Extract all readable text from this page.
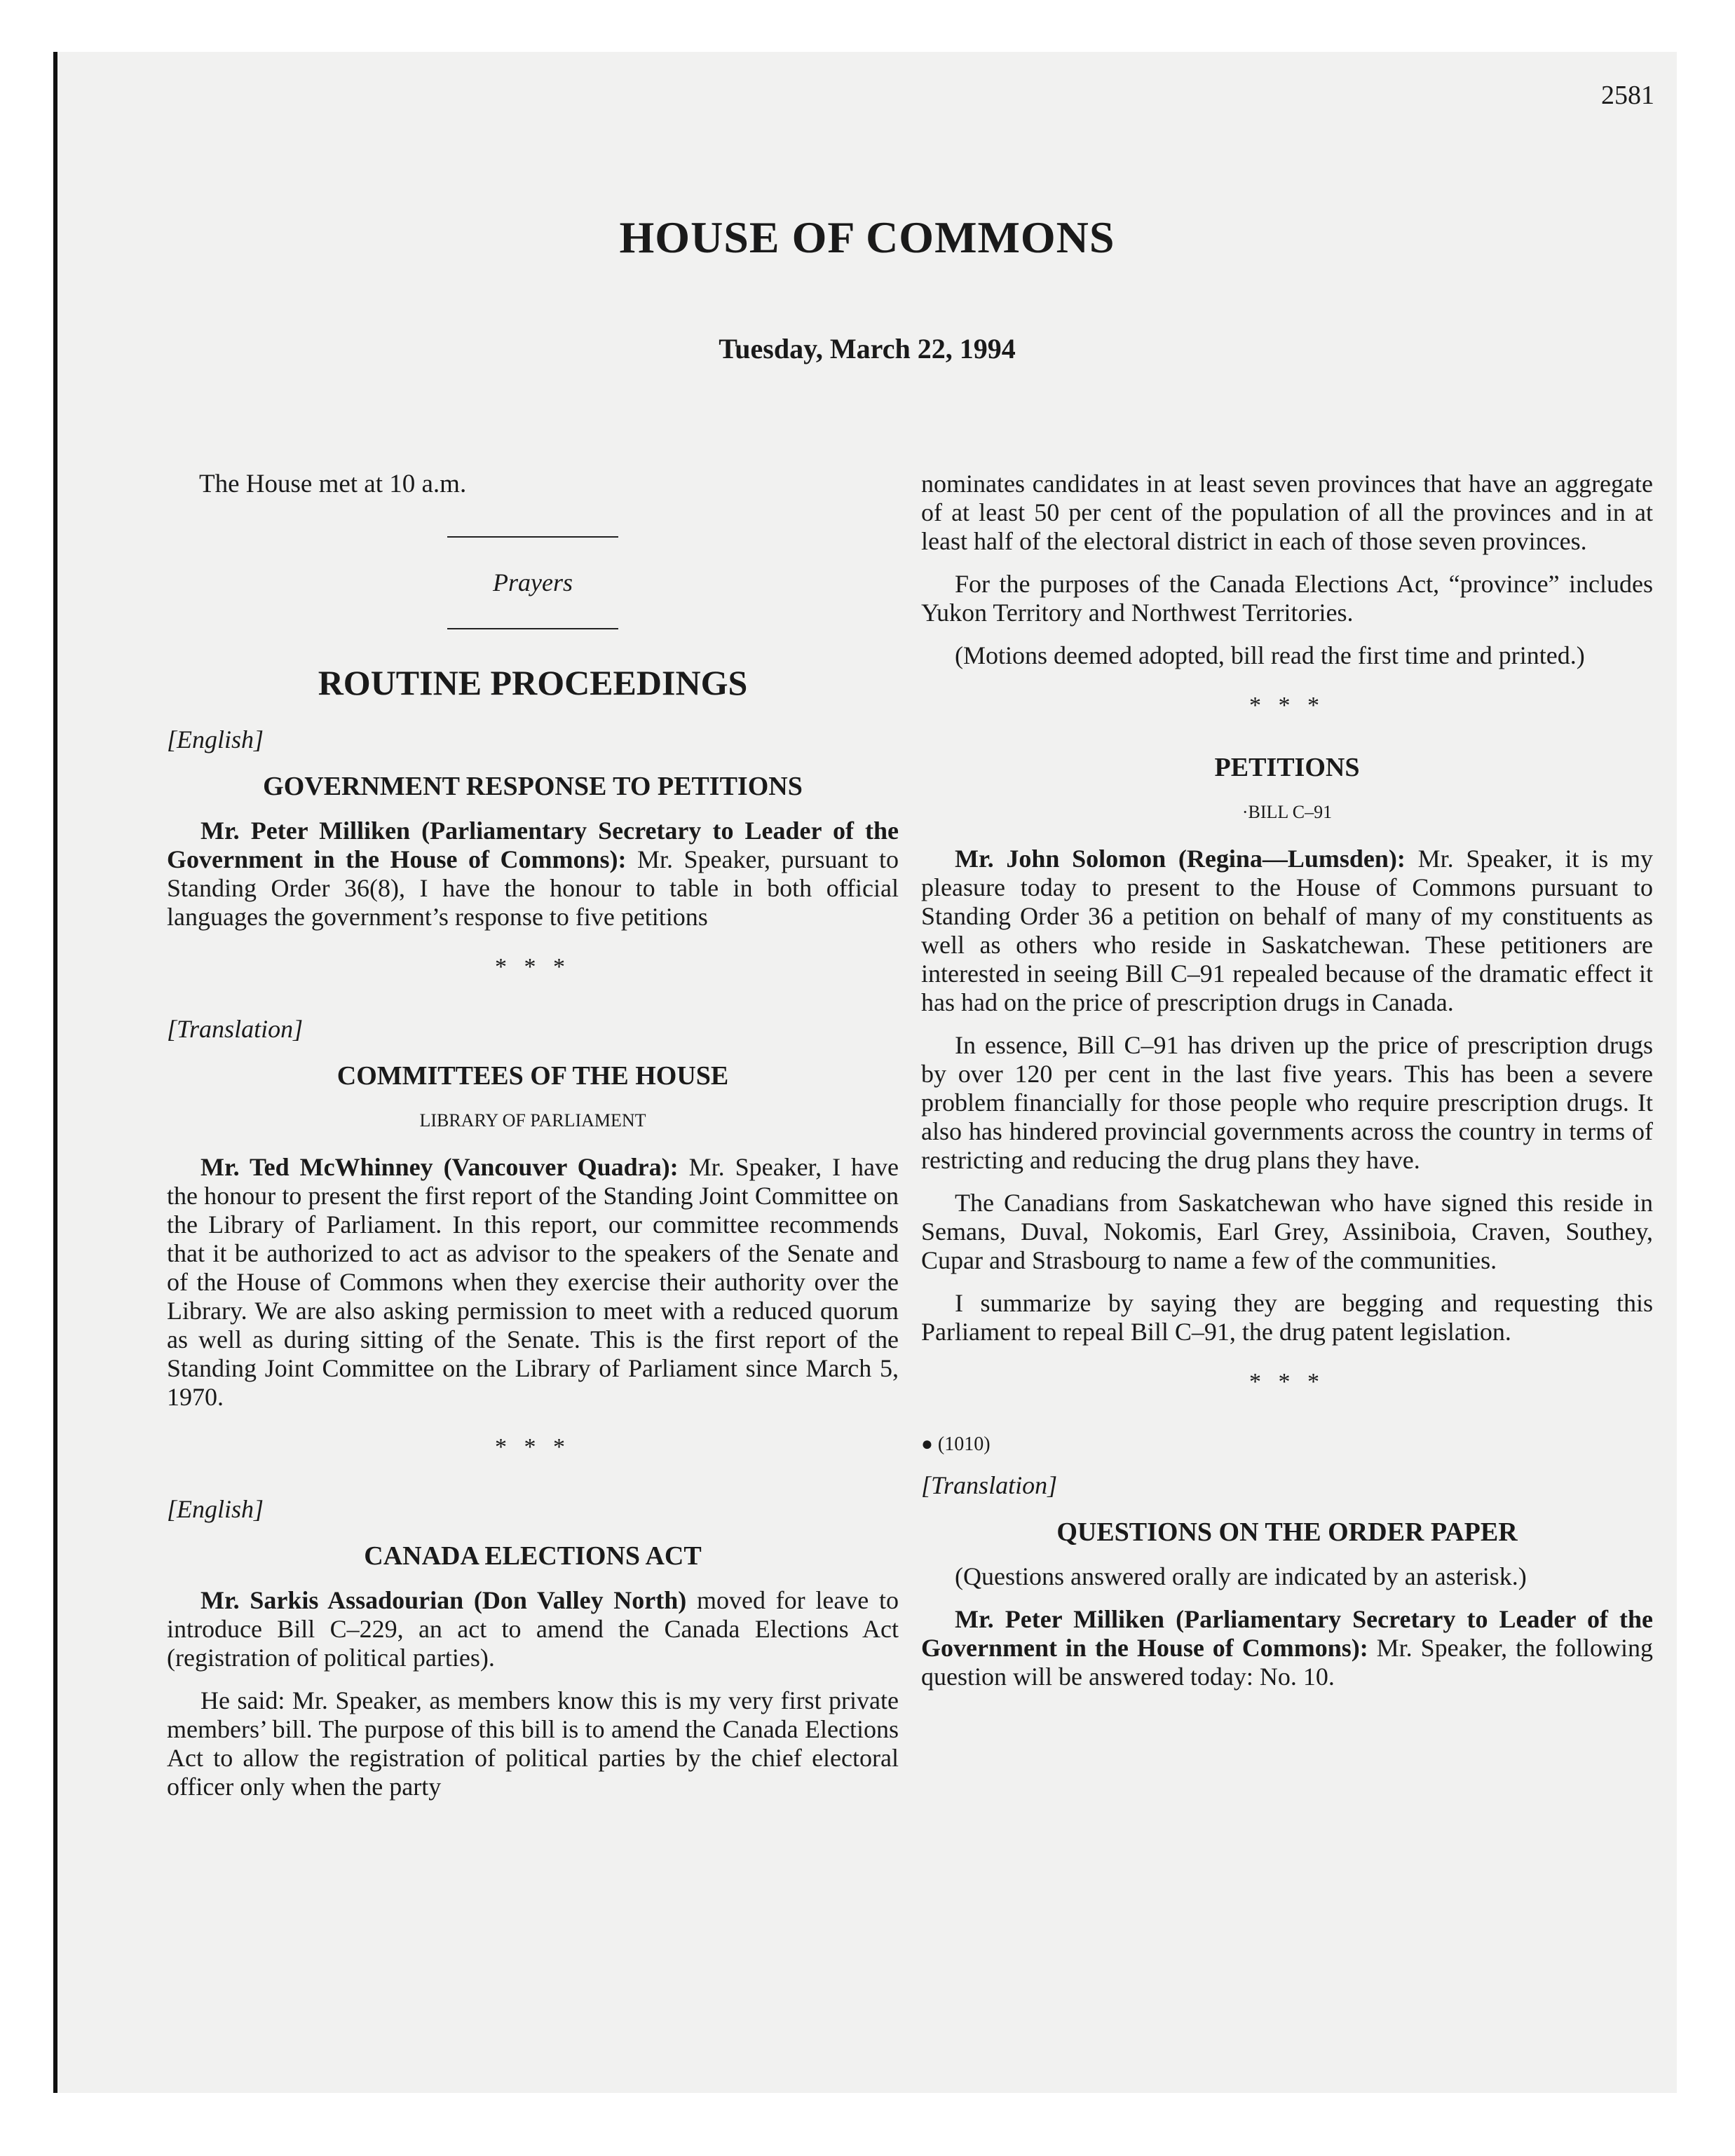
2581
HOUSE OF COMMONS
Tuesday, March 22, 1994
The House met at 10 a.m.
Prayers
ROUTINE PROCEEDINGS
[English]
GOVERNMENT RESPONSE TO PETITIONS

Mr. Peter Milliken (Parliamentary Secretary to Leader of the Government in the House of Commons): Mr. Speaker, pursuant to Standing Order 36(8), I have the honour to table in both official languages the government’s response to five petitions

* * *
[Translation]
COMMITTEES OF THE HOUSE
LIBRARY OF PARLIAMENT

Mr. Ted McWhinney (Vancouver Quadra): Mr. Speaker, I have the honour to present the first report of the Standing Joint Committee on the Library of Parliament. In this report, our committee recommends that it be authorized to act as advisor to the speakers of the Senate and of the House of Commons when they exercise their authority over the Library. We are also asking permission to meet with a reduced quorum as well as during sitting of the Senate. This is the first report of the Standing Joint Committee on the Library of Parliament since March 5, 1970.

* * *
[English]
CANADA ELECTIONS ACT

Mr. Sarkis Assadourian (Don Valley North) moved for leave to introduce Bill C–229, an act to amend the Canada Elections Act (registration of political parties).

He said: Mr. Speaker, as members know this is my very first private members’ bill. The purpose of this bill is to amend the Canada Elections Act to allow the registration of political parties by the chief electoral officer only when the party

nominates candidates in at least seven provinces that have an aggregate of at least 50 per cent of the population of all the provinces and in at least half of the electoral district in each of those seven provinces.

For the purposes of the Canada Elections Act, “province” includes Yukon Territory and Northwest Territories.

(Motions deemed adopted, bill read the first time and printed.)

* * *
PETITIONS
·BILL C–91

Mr. John Solomon (Regina—Lumsden): Mr. Speaker, it is my pleasure today to present to the House of Commons pursuant to Standing Order 36 a petition on behalf of many of my constituents as well as others who reside in Saskatchewan. These petitioners are interested in seeing Bill C–91 repealed because of the dramatic effect it has had on the price of prescription drugs in Canada.

In essence, Bill C–91 has driven up the price of prescription drugs by over 120 per cent in the last five years. This has been a severe problem financially for those people who require prescription drugs. It also has hindered provincial governments across the country in terms of restricting and reducing the drug plans they have.

The Canadians from Saskatchewan who have signed this reside in Semans, Duval, Nokomis, Earl Grey, Assiniboia, Craven, Southey, Cupar and Strasbourg to name a few of the communities.

I summarize by saying they are begging and requesting this Parliament to repeal Bill C–91, the drug patent legislation.

* * *
● (1010)
[Translation]
QUESTIONS ON THE ORDER PAPER

(Questions answered orally are indicated by an asterisk.)

Mr. Peter Milliken (Parliamentary Secretary to Leader of the Government in the House of Commons): Mr. Speaker, the following question will be answered today: No. 10.
